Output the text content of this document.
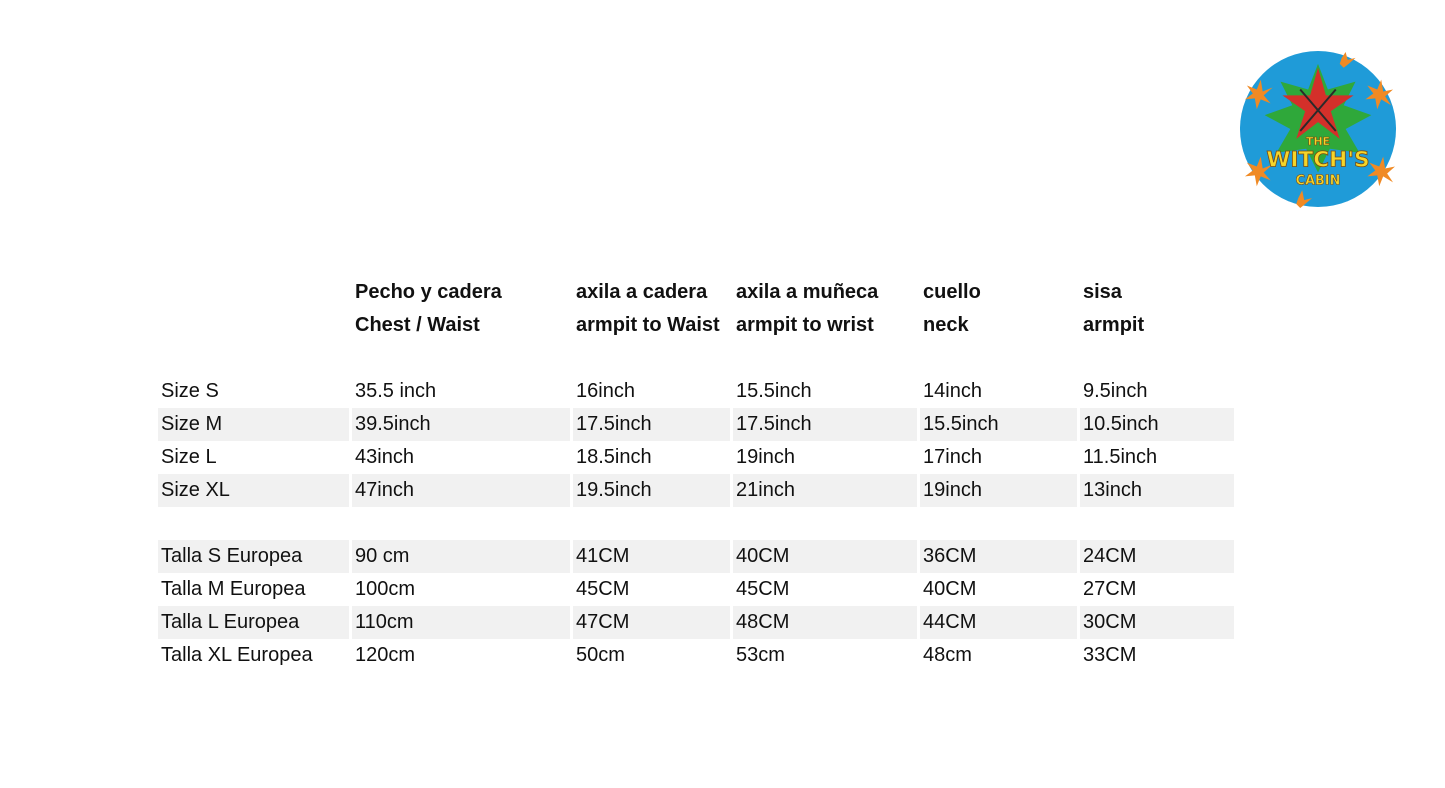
THE
WITCH'S
CABIN
	Pecho y cadera	axila a cadera	axila a muñeca	cuello	sisa
	Chest / Waist	armpit to Waist	armpit to wrist	neck	armpit

Size S	35.5 inch	16inch	15.5inch	14inch	9.5inch
Size M	39.5inch	17.5inch	17.5inch	15.5inch	10.5inch
Size L	43inch	18.5inch	19inch	17inch	11.5inch
Size XL	47inch	19.5inch	21inch	19inch	13inch

Talla S Europea	90 cm	41CM	40CM	36CM	24CM
Talla M Europea	100cm	45CM	45CM	40CM	27CM
Talla L Europea	110cm	47CM	48CM	44CM	30CM
Talla XL Europea	120cm	50cm	53cm	48cm	33CM
